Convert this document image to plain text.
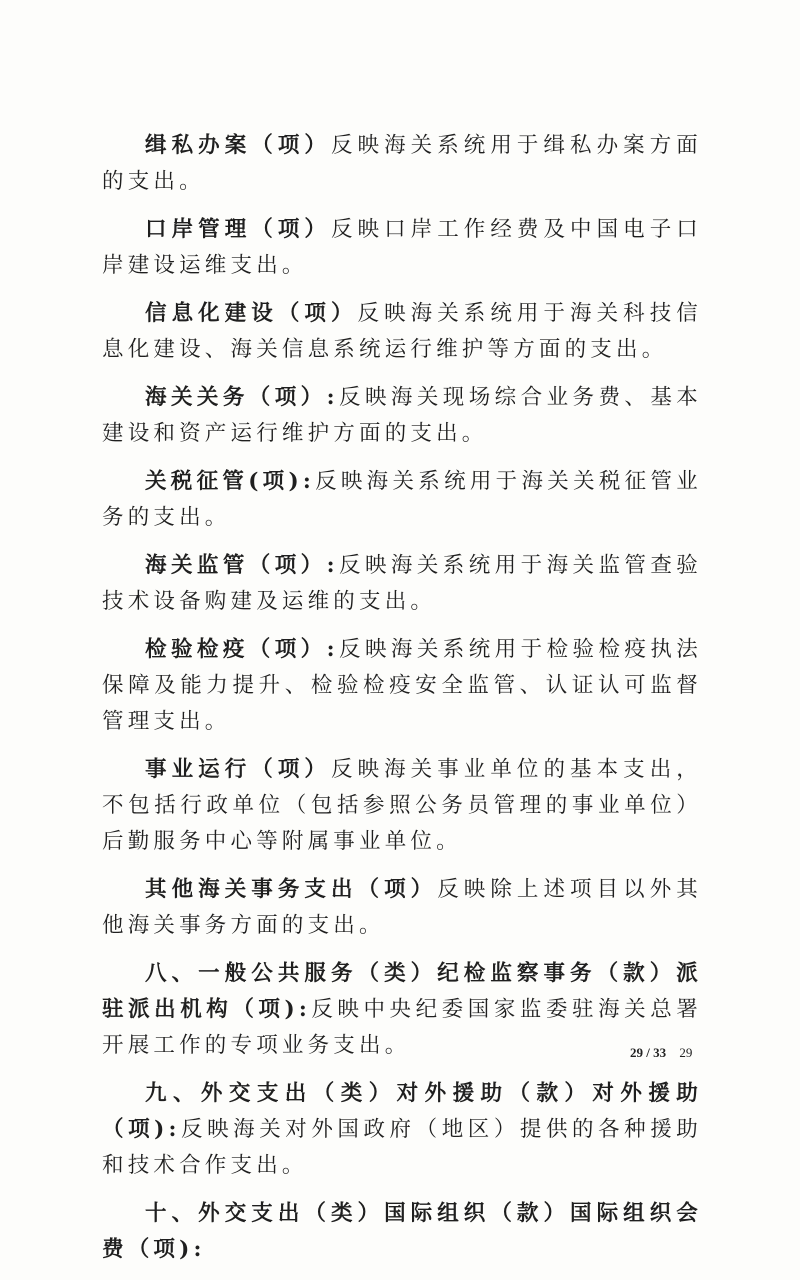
缉私办案（项）反映海关系统用于缉私办案方面的支出。

口岸管理（项）反映口岸工作经费及中国电子口岸建设运维支出。

信息化建设（项）反映海关系统用于海关科技信息化建设、海关信息系统运行维护等方面的支出。

海关关务（项）:反映海关现场综合业务费、基本建设和资产运行维护方面的支出。

关税征管(项):反映海关系统用于海关关税征管业务的支出。

海关监管（项）:反映海关系统用于海关监管查验技术设备购建及运维的支出。

检验检疫（项）:反映海关系统用于检验检疫执法保障及能力提升、检验检疫安全监管、认证认可监督管理支出。

事业运行（项）反映海关事业单位的基本支出，不包括行政单位（包括参照公务员管理的事业单位）后勤服务中心等附属事业单位。

其他海关事务支出（项）反映除上述项目以外其他海关事务方面的支出。

八、一般公共服务（类）纪检监察事务（款）派驻派出机构（项):反映中央纪委国家监委驻海关总署开展工作的专项业务支出。

九、外交支出（类）对外援助（款）对外援助（项):反映海关对外国政府（地区）提供的各种援助和技术合作支出。

十、外交支出（类）国际组织（款）国际组织会费（项):

29 / 33 29
